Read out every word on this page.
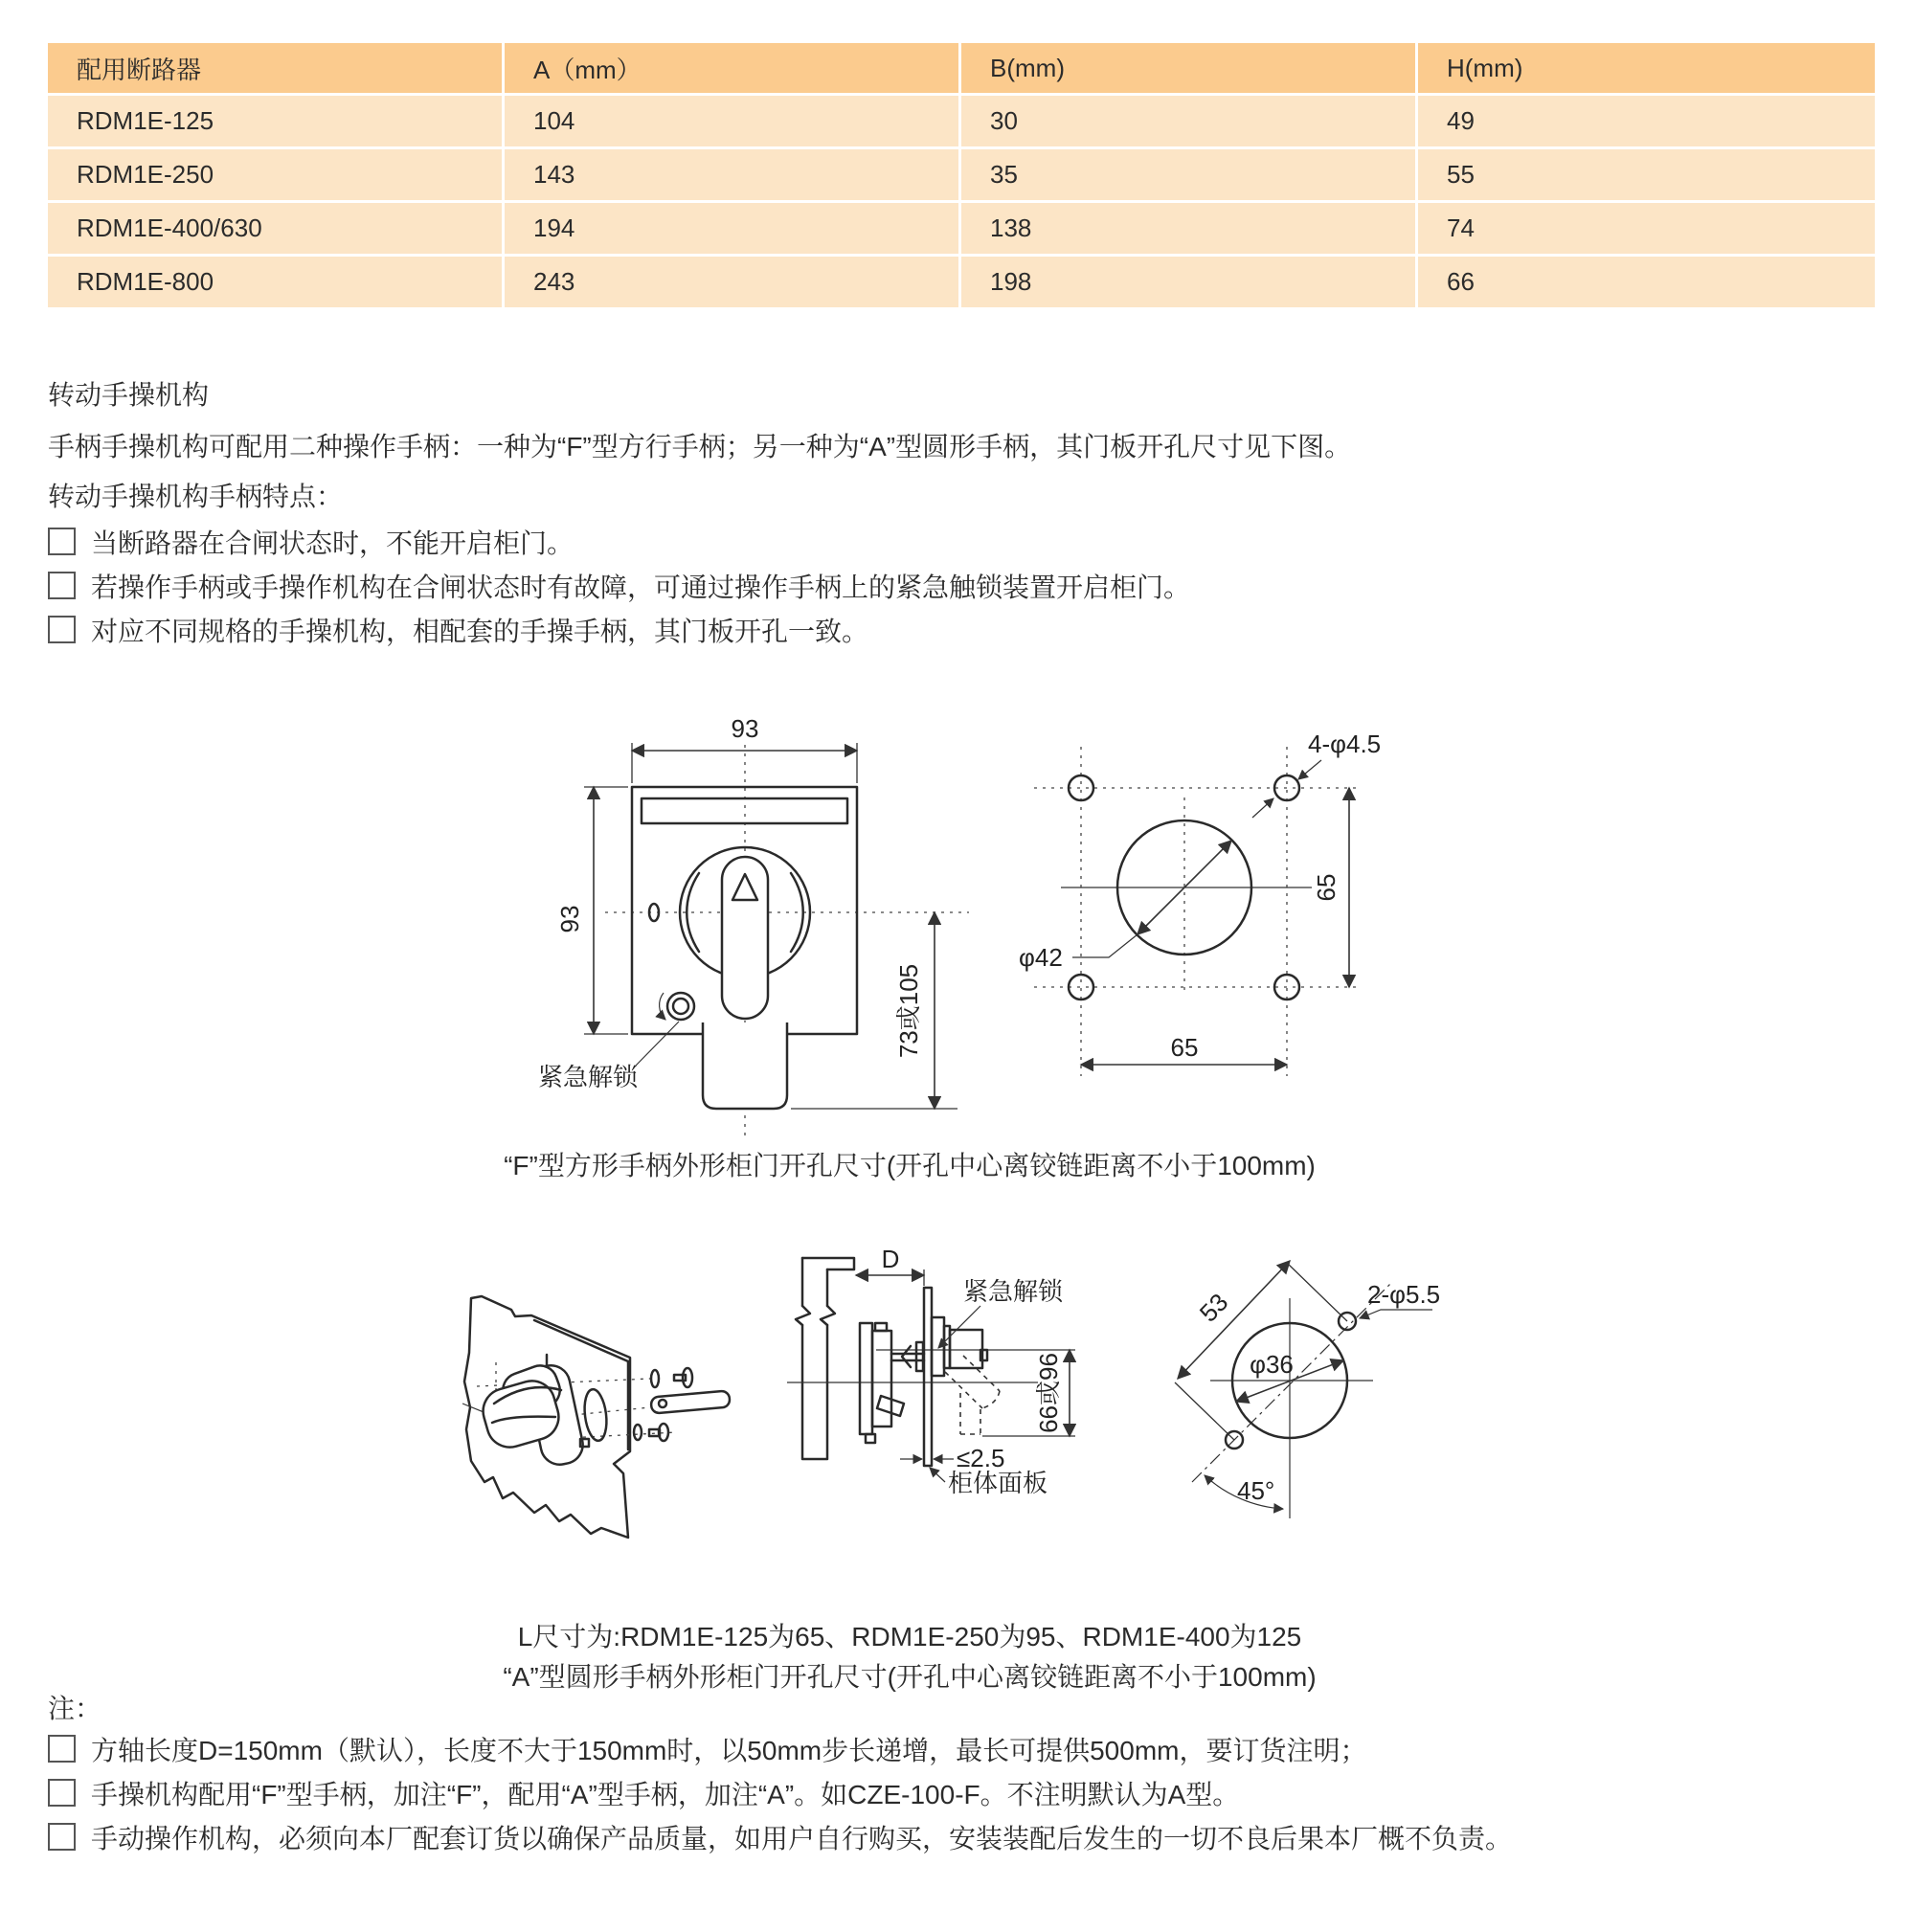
配用断路器	A（mm）	B(mm)	H(mm)
RDM1E-125	104	30	49
RDM1E-250	143	35	55
RDM1E-400/630	194	138	74
RDM1E-800	243	198	66
转动手操机构
手柄手操机构可配用二种操作手柄：一种为“F”型方行手柄；另一种为“A”型圆形手柄，其门板开孔尺寸见下图。
转动手操机构手柄特点：
当断路器在合闸状态时，不能开启柜门。
若操作手柄或手操作机构在合闸状态时有故障，可通过操作手柄上的紧急触锁装置开启柜门。
对应不同规格的手操机构，相配套的手操手柄，其门板开孔一致。
93
93
73或105
紧急解锁
φ42
4-φ4.5
65
65
“F”型方形手柄外形柜门开孔尺寸(开孔中心离铰链距离不小于100mm)
D
紧急解锁
66或96
≤2.5
柜体面板
φ36
53	2-φ5.5
45°
L尺寸为:RDM1E-125为65、RDM1E-250为95、RDM1E-400为125
“A”型圆形手柄外形柜门开孔尺寸(开孔中心离铰链距离不小于100mm)
注：
方轴长度D=150mm（默认），长度不大于150mm时，以50mm步长递增，最长可提供500mm，要订货注明；
手操机构配用“F”型手柄，加注“F”，配用“A”型手柄，加注“A”。如CZE-100-F。不注明默认为A型。
手动操作机构，必须向本厂配套订货以确保产品质量，如用户自行购买，安装装配后发生的一切不良后果本厂概不负责。
